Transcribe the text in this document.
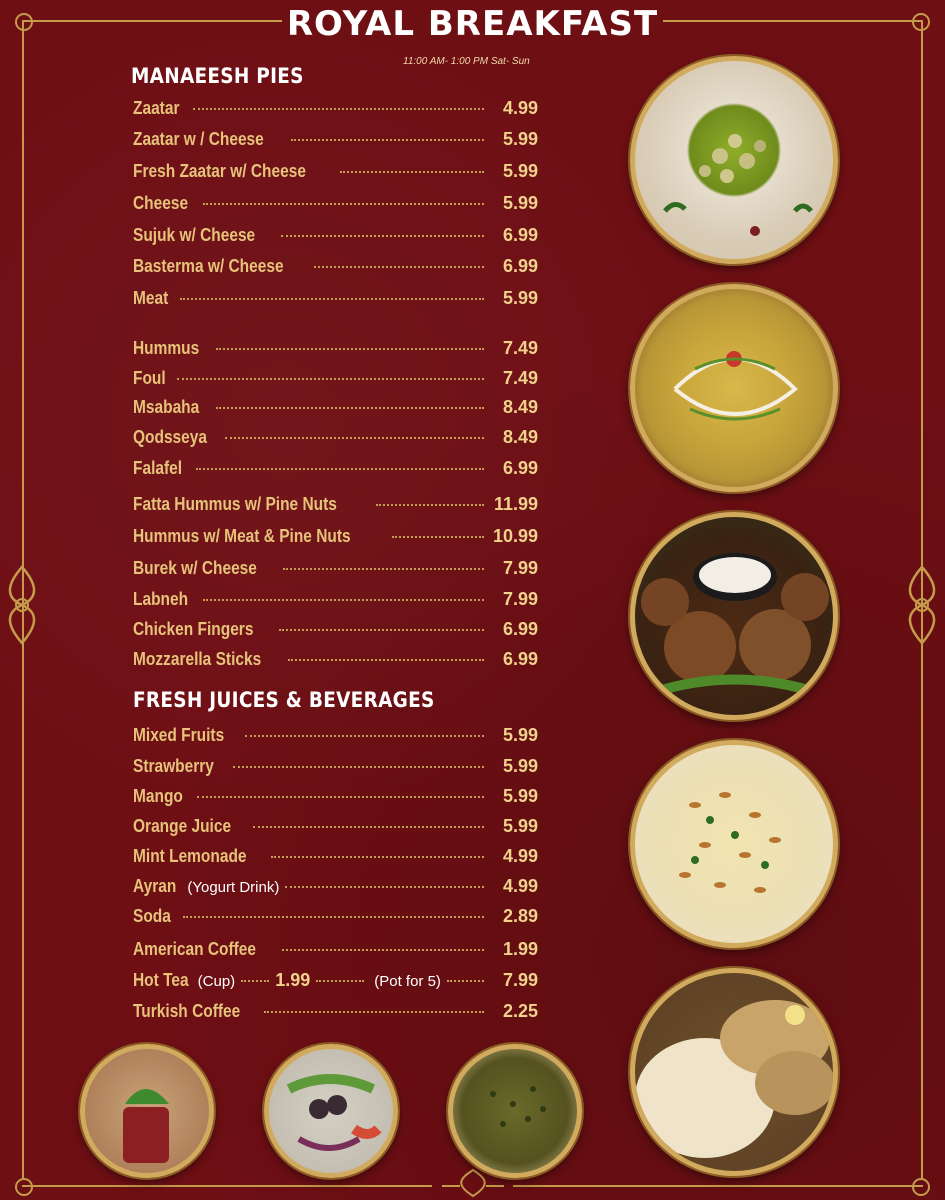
ROYAL BREAKFAST
11:00 AM- 1:00 PM Sat- Sun
MANAEESH PIES
Zaatar	4.99
Zaatar w / Cheese	5.99
Fresh Zaatar w/ Cheese	5.99
Cheese	5.99
Sujuk w/ Cheese	6.99
Basterma w/ Cheese	6.99
Meat	5.99
Hummus	7.49
Foul	7.49
Msabaha	8.49
Qodsseya	8.49
Falafel	6.99
Fatta Hummus w/ Pine Nuts	11.99
Hummus w/ Meat & Pine Nuts	10.99
Burek w/ Cheese	7.99
Labneh	7.99
Chicken Fingers	6.99
Mozzarella Sticks	6.99
FRESH JUICES & BEVERAGES
Mixed Fruits	5.99
Strawberry	5.99
Mango	5.99
Orange Juice	5.99
Mint Lemonade	4.99
Ayran (Yogurt Drink)	4.99
Soda	2.89
American Coffee	1.99
Hot Tea (Cup) 1.99	(Pot for 5)	7.99
Turkish Coffee	2.25
